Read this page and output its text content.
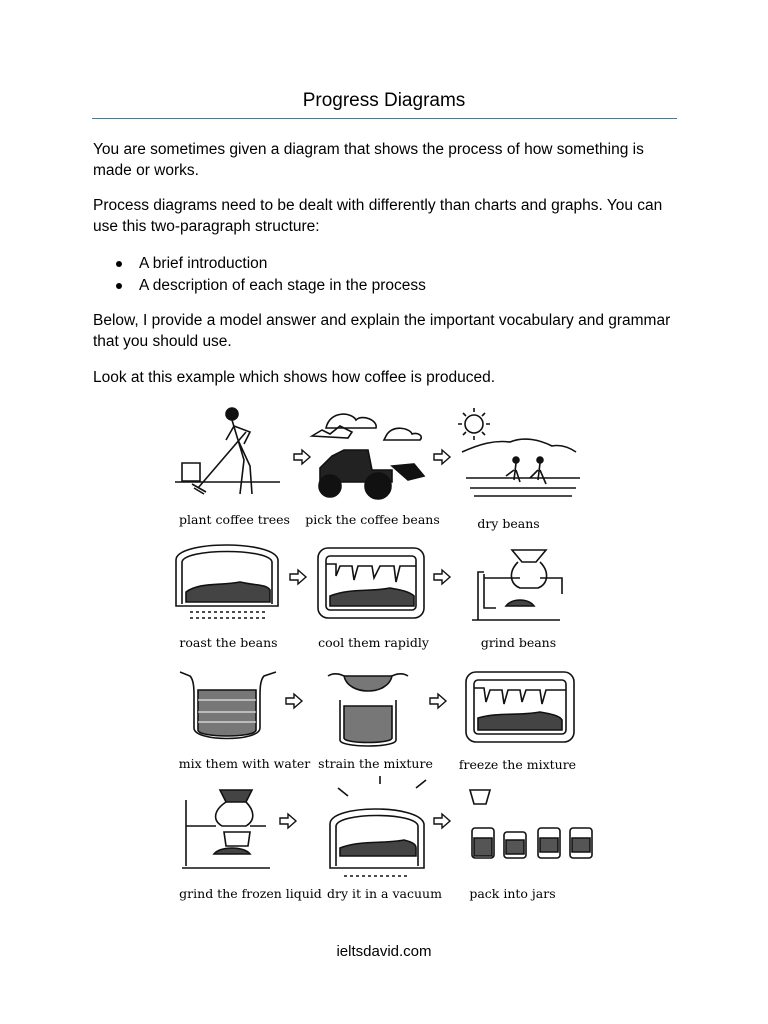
Progress Diagrams

You are sometimes given a diagram that shows the process of how something is made or works.

Process diagrams need to be dealt with differently than charts and graphs. You can use this two-paragraph structure:

A brief introduction
A description of each stage in the process

Below, I provide a model answer and explain the important vocabulary and grammar that you should use.

Look at this example which shows how coffee is produced.

plant coffee trees	pick the coffee beans	dry beans
roast the beans	cool them rapidly	grind beans
mix them with water strain the mixture	freeze the mixture
grind the frozen liquid dry it in a vacuum	pack into jars
ieltsdavid.com
